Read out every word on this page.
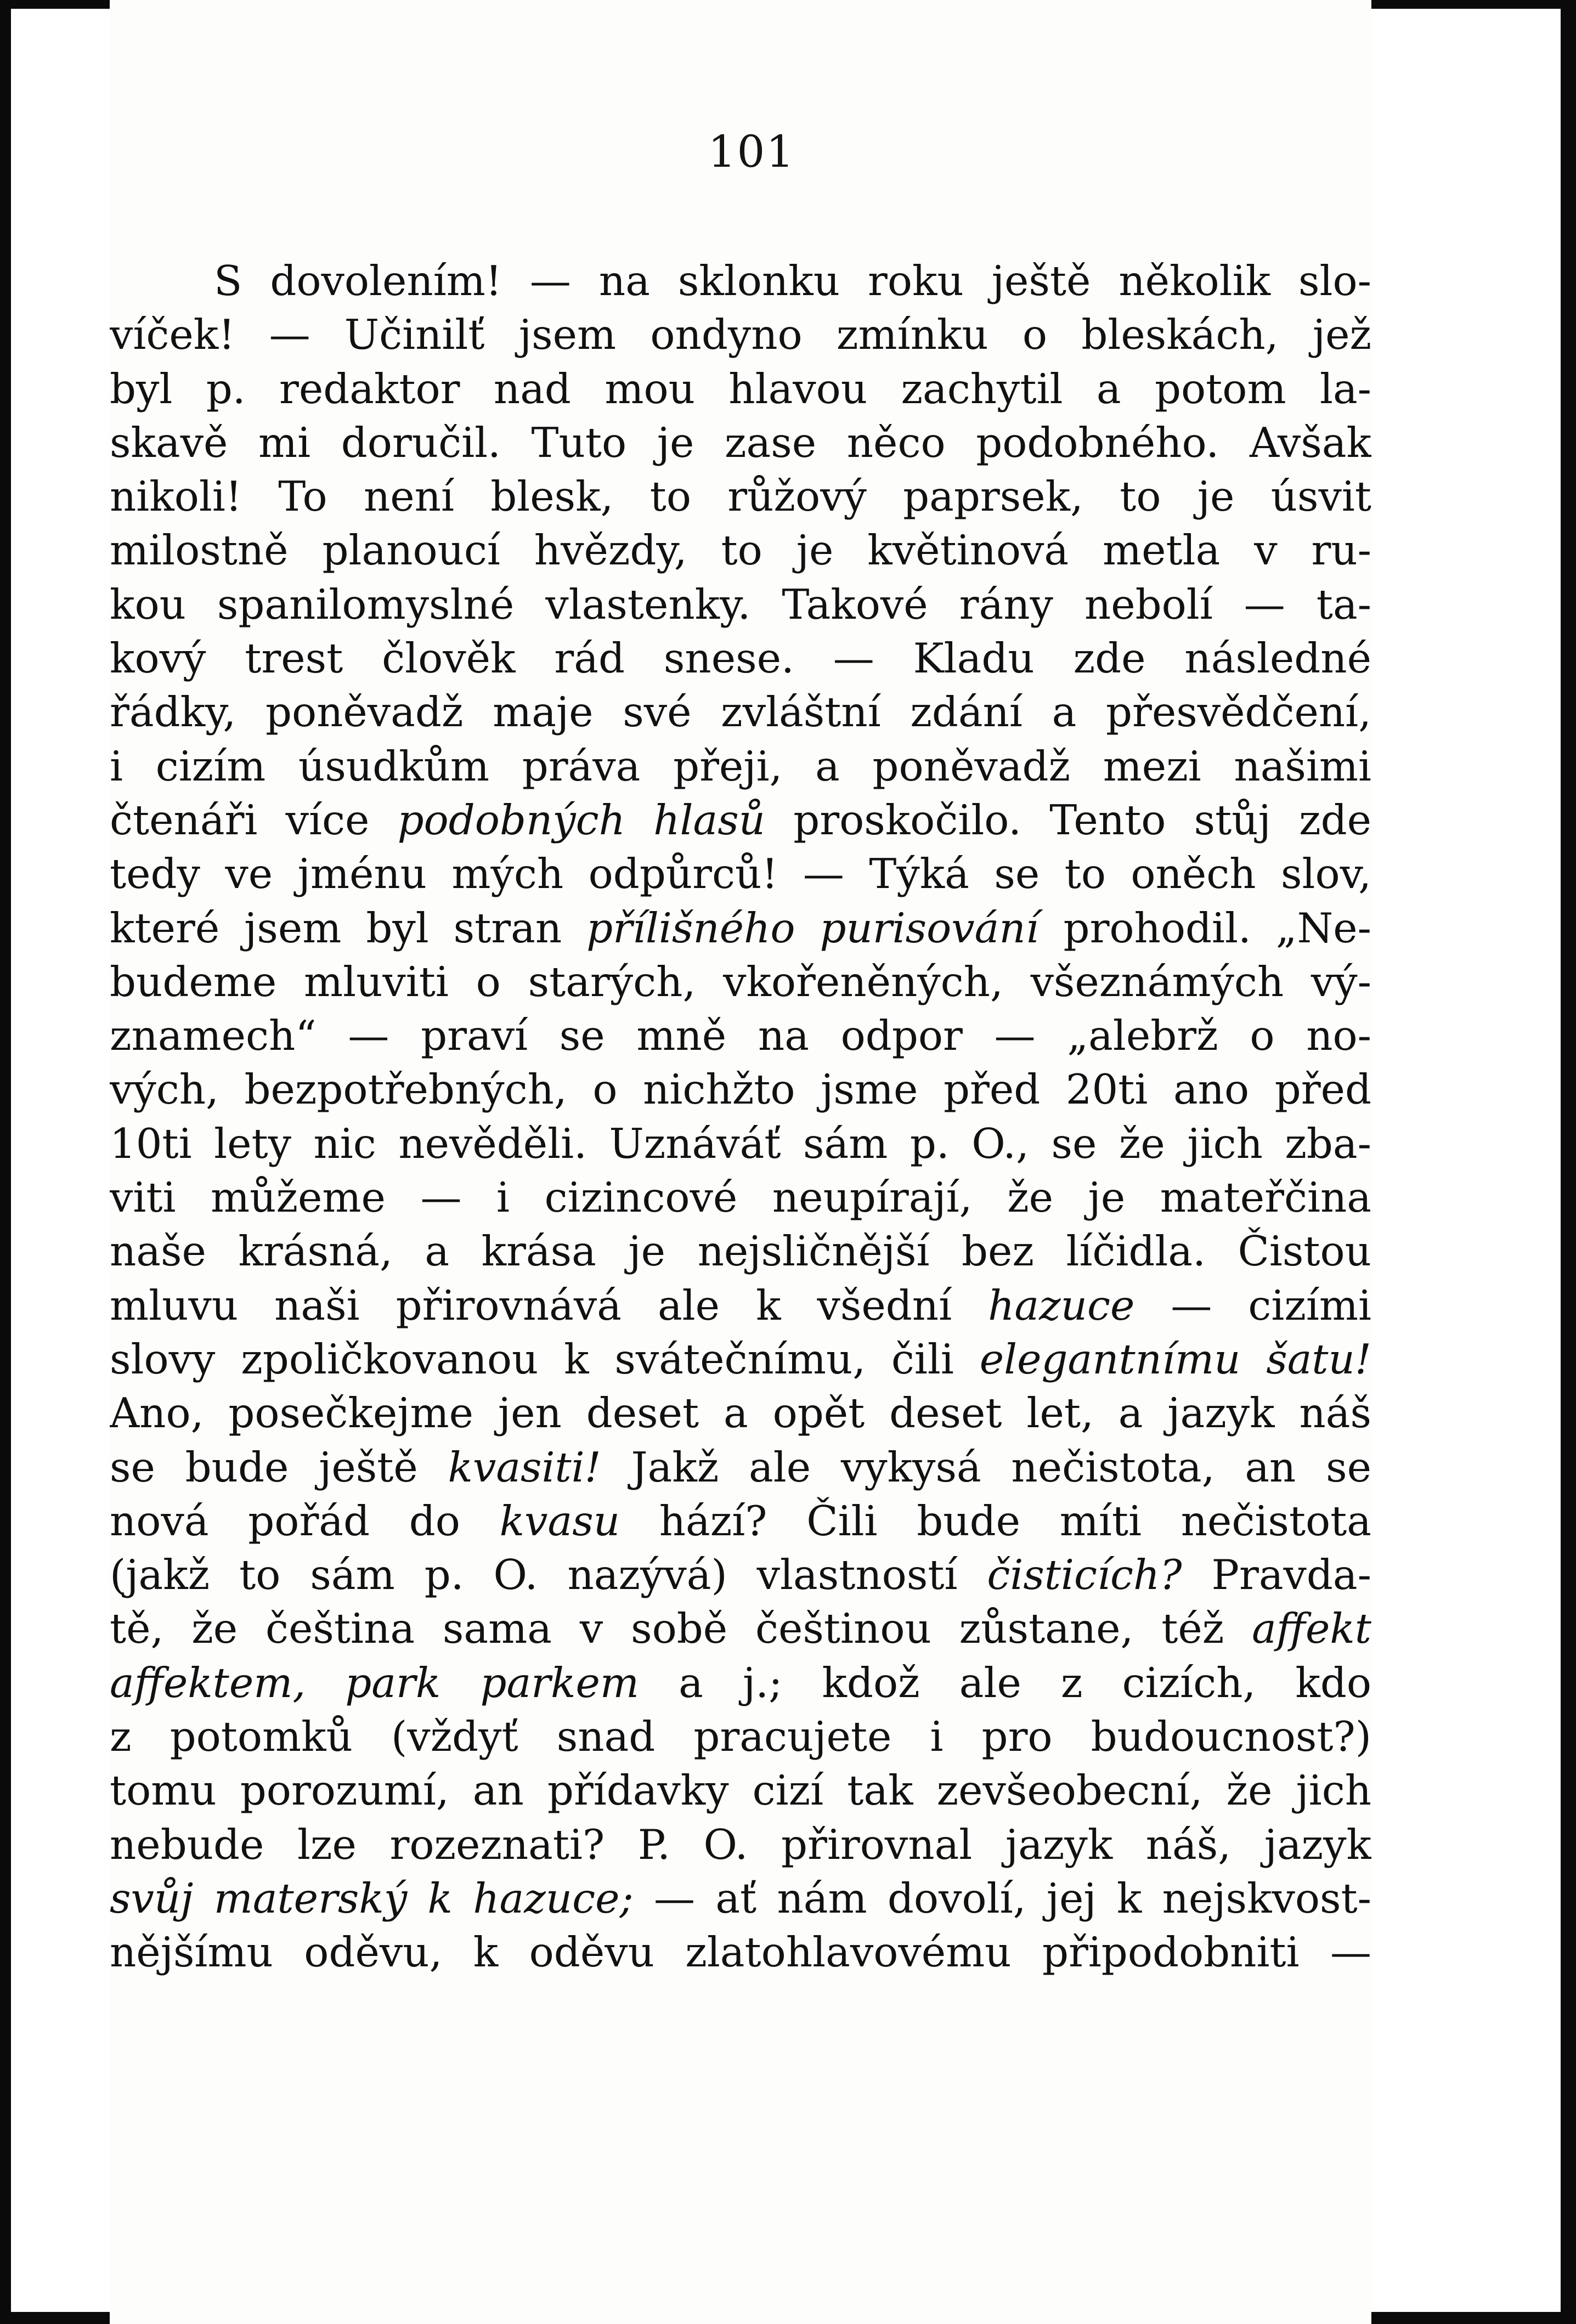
101
S dovolením! — na sklonku roku ještě několik slo-
víček! — Učinilť jsem ondyno zmínku o bleskách, jež
byl p. redaktor nad mou hlavou zachytil a potom la-
skavě mi doručil. Tuto je zase něco podobného. Avšak
nikoli! To není blesk, to růžový paprsek, to je úsvit
milostně planoucí hvězdy, to je květinová metla v ru-
kou spanilomyslné vlastenky. Takové rány nebolí — ta-
kový trest člověk rád snese. — Kladu zde následné
řádky, poněvadž maje své zvláštní zdání a přesvědčení,
i cizím úsudkům práva přeji, a poněvadž mezi našimi
čtenáři více podobných hlasů proskočilo. Tento stůj zde
tedy ve jménu mých odpůrců! — Týká se to oněch slov,
které jsem byl stran přílišného purisování prohodil. „Ne-
budeme mluviti o starých, vkořeněných, všeznámých vý-
znamech“ — praví se mně na odpor — „alebrž o no-
vých, bezpotřebných, o nichžto jsme před 20ti ano před
10ti lety nic nevěděli. Uznáváť sám p. O., se že jich zba-
viti můžeme — i cizincové neupírají, že je mateřčina
naše krásná, a krása je nejsličnější bez líčidla. Čistou
mluvu naši přirovnává ale k všední hazuce — cizími
slovy zpoličkovanou k svátečnímu, čili elegantnímu šatu!
Ano, posečkejme jen deset a opět deset let, a jazyk náš
se bude ještě kvasiti! Jakž ale vykysá nečistota, an se
nová pořád do kvasu hází? Čili bude míti nečistota
(jakž to sám p. O. nazývá) vlastností čisticích? Pravda-
tě, že čeština sama v sobě češtinou zůstane, též affekt
affektem, park parkem a j.; kdož ale z cizích, kdo
z potomků (vždyť snad pracujete i pro budoucnost?)
tomu porozumí, an přídavky cizí tak zevšeobecní, že jich
nebude lze rozeznati? P. O. přirovnal jazyk náš, jazyk
svůj materský k hazuce; — ať nám dovolí, jej k nejskvost-
nějšímu oděvu, k oděvu zlatohlavovému připodobniti —
